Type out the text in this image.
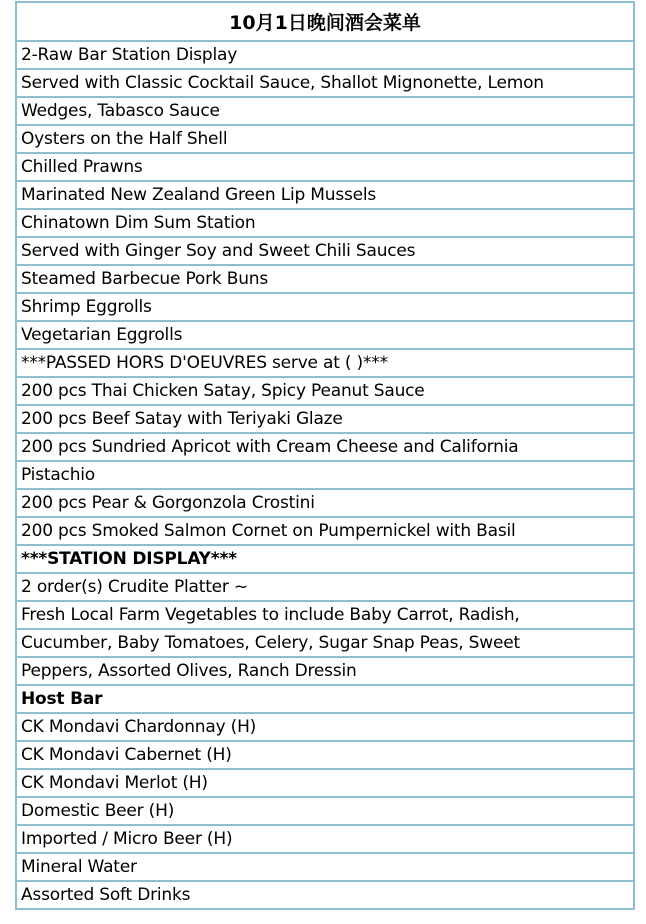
10月1日晚间酒会菜单
2-Raw Bar Station Display
Served with Classic Cocktail Sauce, Shallot Mignonette, Lemon
Wedges, Tabasco Sauce
Oysters on the Half Shell
Chilled Prawns
Marinated New Zealand Green Lip Mussels
Chinatown Dim Sum Station
Served with Ginger Soy and Sweet Chili Sauces
Steamed Barbecue Pork Buns
Shrimp Eggrolls
Vegetarian Eggrolls
***PASSED HORS D'OEUVRES serve at ( )***
200 pcs Thai Chicken Satay, Spicy Peanut Sauce
200 pcs Beef Satay with Teriyaki Glaze
200 pcs Sundried Apricot with Cream Cheese and California
Pistachio
200 pcs Pear & Gorgonzola Crostini
200 pcs Smoked Salmon Cornet on Pumpernickel with Basil
***STATION DISPLAY***
2 order(s) Crudite Platter ~
Fresh Local Farm Vegetables to include Baby Carrot, Radish,
Cucumber, Baby Tomatoes, Celery, Sugar Snap Peas, Sweet
Peppers, Assorted Olives, Ranch Dressin
Host Bar
CK Mondavi Chardonnay (H)
CK Mondavi Cabernet (H)
CK Mondavi Merlot (H)
Domestic Beer (H)
Imported / Micro Beer (H)
Mineral Water
Assorted Soft Drinks
